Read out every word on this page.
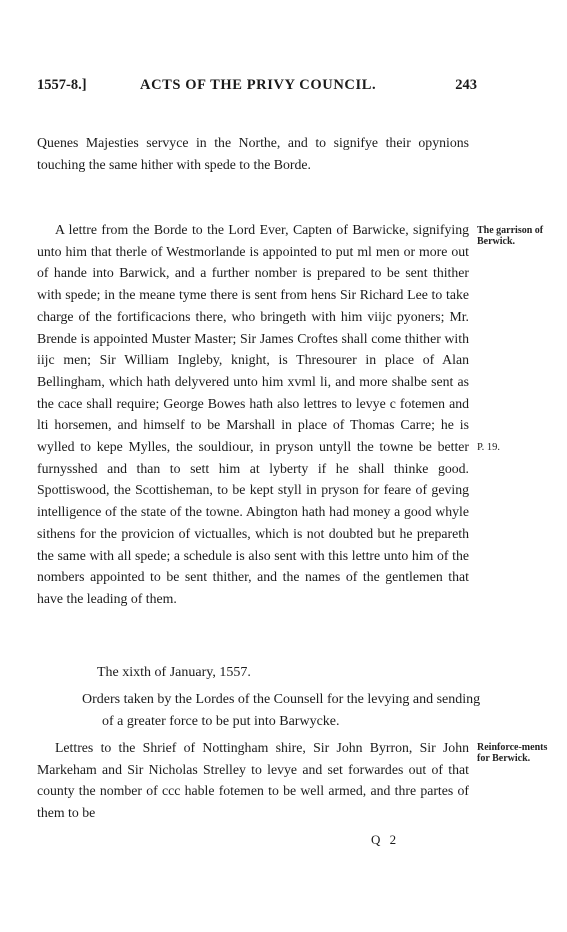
1557-8.]	ACTS OF THE PRIVY COUNCIL.	243
Quenes Majesties servyce in the Northe, and to signifye their opynions touching the same hither with spede to the Borde.
A lettre from the Borde to the Lord Ever, Capten of Barwicke, signifying unto him that therle of Westmorlande is appointed to put ml men or more out of hande into Barwick, and a further nomber is prepared to be sent thither with spede; in the meane tyme there is sent from hens Sir Richard Lee to take charge of the fortificacions there, who bringeth with him viijc pyoners; Mr. Brende is appointed Muster Master; Sir James Croftes shall come thither with iijc men; Sir William Ingleby, knight, is Thresourer in place of Alan Bellingham, which hath delyvered unto him xvml li, and more shalbe sent as the cace shall require; George Bowes hath also lettres to levye c fotemen and lti horsemen, and himself to be Marshall in place of Thomas Carre; he is wylled to kepe Mylles, the souldiour, in pryson untyll the towne be better furnysshed and than to sett him at lyberty if he shall thinke good. Spottiswood, the Scottisheman, to be kept styll in pryson for feare of geving intelligence of the state of the towne. Abington hath had money a good whyle sithens for the provicion of victualles, which is not doubted but he prepareth the same with all spede; a schedule is also sent with this lettre unto him of the nombers appointed to be sent thither, and the names of the gentlemen that have the leading of them.
The garrison of Berwick.
P. 19.
The xixth of January, 1557.
Orders taken by the Lordes of the Counsell for the levying and sending of a greater force to be put into Barwycke.
Lettres to the Shrief of Nottingham shire, Sir John Byrron, Sir John Markeham and Sir Nicholas Strelley to levye and set forwardes out of that county the nomber of ccc hable fotemen to be well armed, and thre partes of them to be
Reinforce-ments for Berwick.
Q 2
